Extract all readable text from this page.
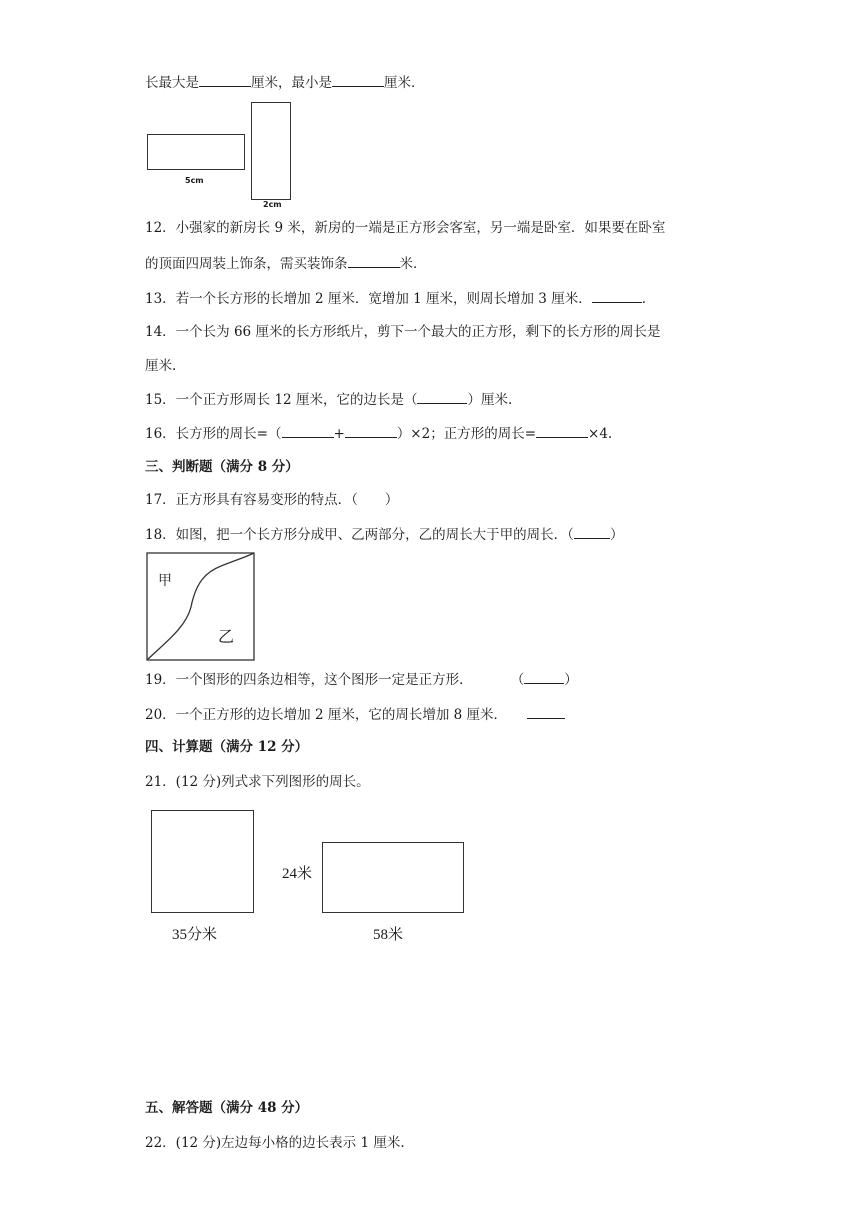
长最大是	厘米，最小是	厘米．
5cm
2cm
12．小强家的新房长 9 米，新房的一端是正方形会客室，另一端是卧室．如果要在卧室
的顶面四周装上饰条，需买装饰条	米．
13．若一个长方形的长增加 2 厘米．宽增加 1 厘米，则周长增加 3 厘米．	.
14．一个长为 66 厘米的长方形纸片，剪下一个最大的正方形，剩下的长方形的周长是
厘米.
15．一个正方形周长 12 厘米，它的边长是（	）厘米.
16．长方形的周长=（	+	）×2；正方形的周长=	×4.
三、判断题（满分 8 分）
17．正方形具有容易变形的特点．（　　）
18．如图，把一个长方形分成甲、乙两部分，乙的周长大于甲的周长．（	）
甲
乙
19．一个图形的四条边相等，这个图形一定是正方形．	（	）
20．一个正方形的边长增加 2 厘米，它的周长增加 8 厘米．
四、计算题（满分 12 分）
21．(12 分)列式求下列图形的周长。
35分米
24米
58米
五、解答题（满分 48 分）
22．(12 分)左边每小格的边长表示 1 厘米.
